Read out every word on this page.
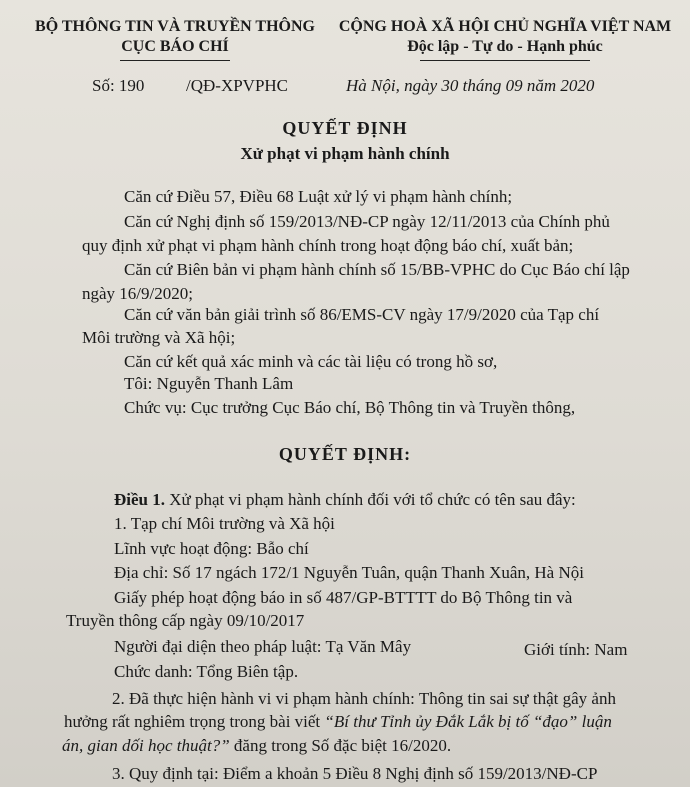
BỘ THÔNG TIN VÀ TRUYỀN THÔNG
CỤC BÁO CHÍ
CỘNG HOÀ XÃ HỘI CHỦ NGHĨA VIỆT NAM
Độc lập - Tự do - Hạnh phúc
Số: 190 /QĐ-XPVPHC	Hà Nội, ngày 30 tháng 09 năm 2020
QUYẾT ĐỊNH
Xử phạt vi phạm hành chính
Căn cứ Điều 57, Điều 68 Luật xử lý vi phạm hành chính;
Căn cứ Nghị định số 159/2013/NĐ-CP ngày 12/11/2013 của Chính phủ
quy định xử phạt vi phạm hành chính trong hoạt động báo chí, xuất bản;
Căn cứ Biên bản vi phạm hành chính số 15/BB-VPHC do Cục Báo chí lập
ngày 16/9/2020;
Căn cứ văn bản giải trình số 86/EMS-CV ngày 17/9/2020 của Tạp chí
Môi trường và Xã hội;
Căn cứ kết quả xác minh và các tài liệu có trong hồ sơ,
Tôi: Nguyễn Thanh Lâm
Chức vụ: Cục trưởng Cục Báo chí, Bộ Thông tin và Truyền thông,
QUYẾT ĐỊNH:
Điều 1. Xử phạt vi phạm hành chính đối với tổ chức có tên sau đây:
1. Tạp chí Môi trường và Xã hội
Lĩnh vực hoạt động: Bẫo chí
Địa chỉ: Số 17 ngách 172/1 Nguyễn Tuân, quận Thanh Xuân, Hà Nội
Giấy phép hoạt động báo in số 487/GP-BTTTT do Bộ Thông tin và
Truyền thông cấp ngày 09/10/2017
Người đại diện theo pháp luật: Tạ Văn Mây	Giới tính: Nam
Chức danh: Tổng Biên tập.
2. Đã thực hiện hành vi vi phạm hành chính: Thông tin sai sự thật gây ảnh
hưởng rất nghiêm trọng trong bài viết “Bí thư Tỉnh ủy Đắk Lắk bị tố “đạo” luận
án, gian dối học thuật?” đăng trong Số đặc biệt 16/2020.
3. Quy định tại: Điểm a khoản 5 Điều 8 Nghị định số 159/2013/NĐ-CP
